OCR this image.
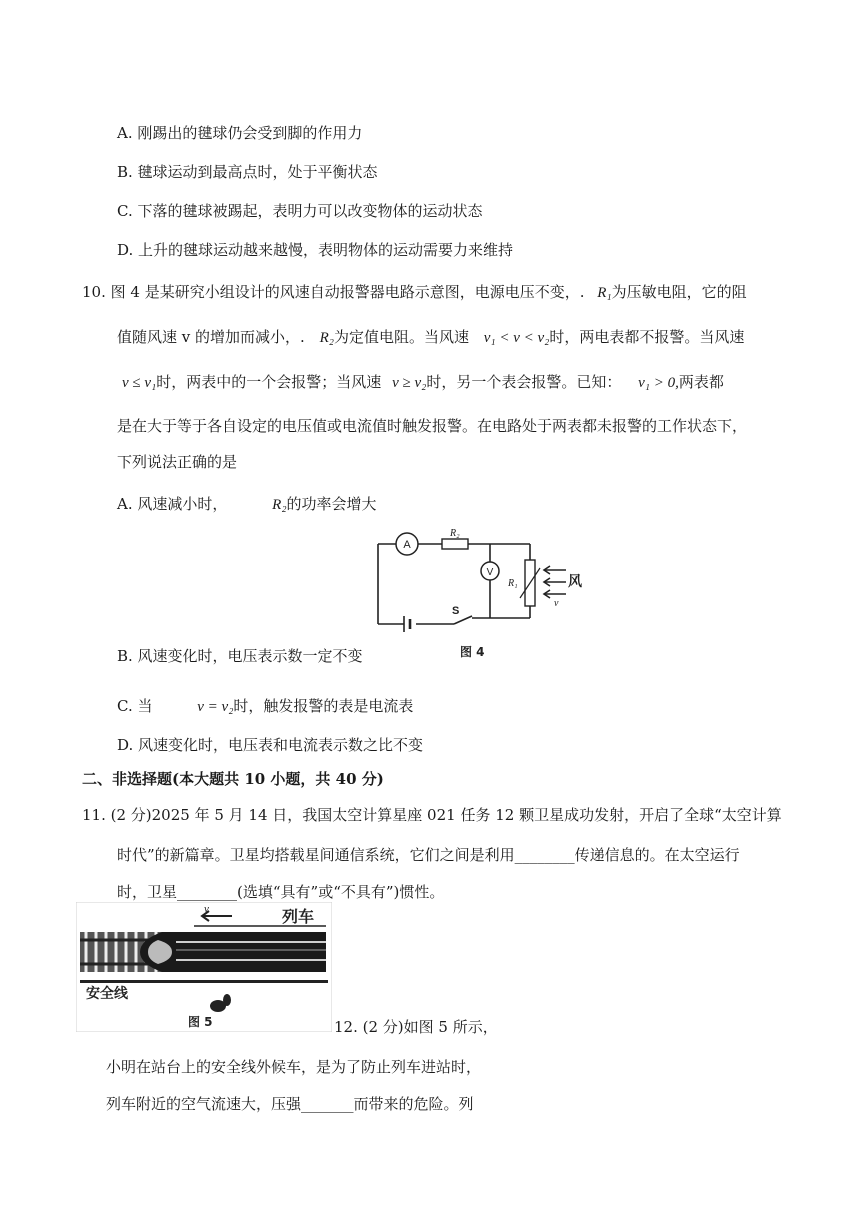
A. 刚踢出的毽球仍会受到脚的作用力
B. 毽球运动到最高点时，处于平衡状态
C. 下落的毽球被踢起，表明力可以改变物体的运动状态
D. 上升的毽球运动越来越慢，表明物体的运动需要力来维持
10. 图 4 是某研究小组设计的风速自动报警器电路示意图，电源电压不变，. R₁为压敏电阻，它的阻
值随风速 v 的增加而减小，. R₂为定值电阻。当风速 v₁ < v < v₂时，两电表都不报警。当风速
v ≤ v₁时，两表中的一个会报警；当风速 v ≥ v₂时，另一个表会报警。已知： v₁ > 0,两表都
是在大于等于各自设定的电压值或电流值时触发报警。在电路处于两表都未报警的工作状态下，
下列说法正确的是
A. 风速减小时，	R₂的功率会增大
A
V
R₂
R₁
S
风
v
图 4
B. 风速变化时，电压表示数一定不变
C. 当	v = v₂时，触发报警的表是电流表
D. 风速变化时，电压表和电流表示数之比不变
二、非选择题(本大题共 10 小题，共 40 分)
11. (2 分)2025 年 5 月 14 日，我国太空计算星座 021 任务 12 颗卫星成功发射，开启了全球“太空计算
时代”的新篇章。卫星均搭载星间通信系统，它们之间是利用________传递信息的。在太空运行
时，卫星________(选填“具有”或“不具有”)惯性。
v	列车
安全线
图 5	12. (2 分)如图 5 所示，
小明在站台上的安全线外候车，是为了防止列车进站时，
列车附近的空气流速大，压强_______而带来的危险。列
